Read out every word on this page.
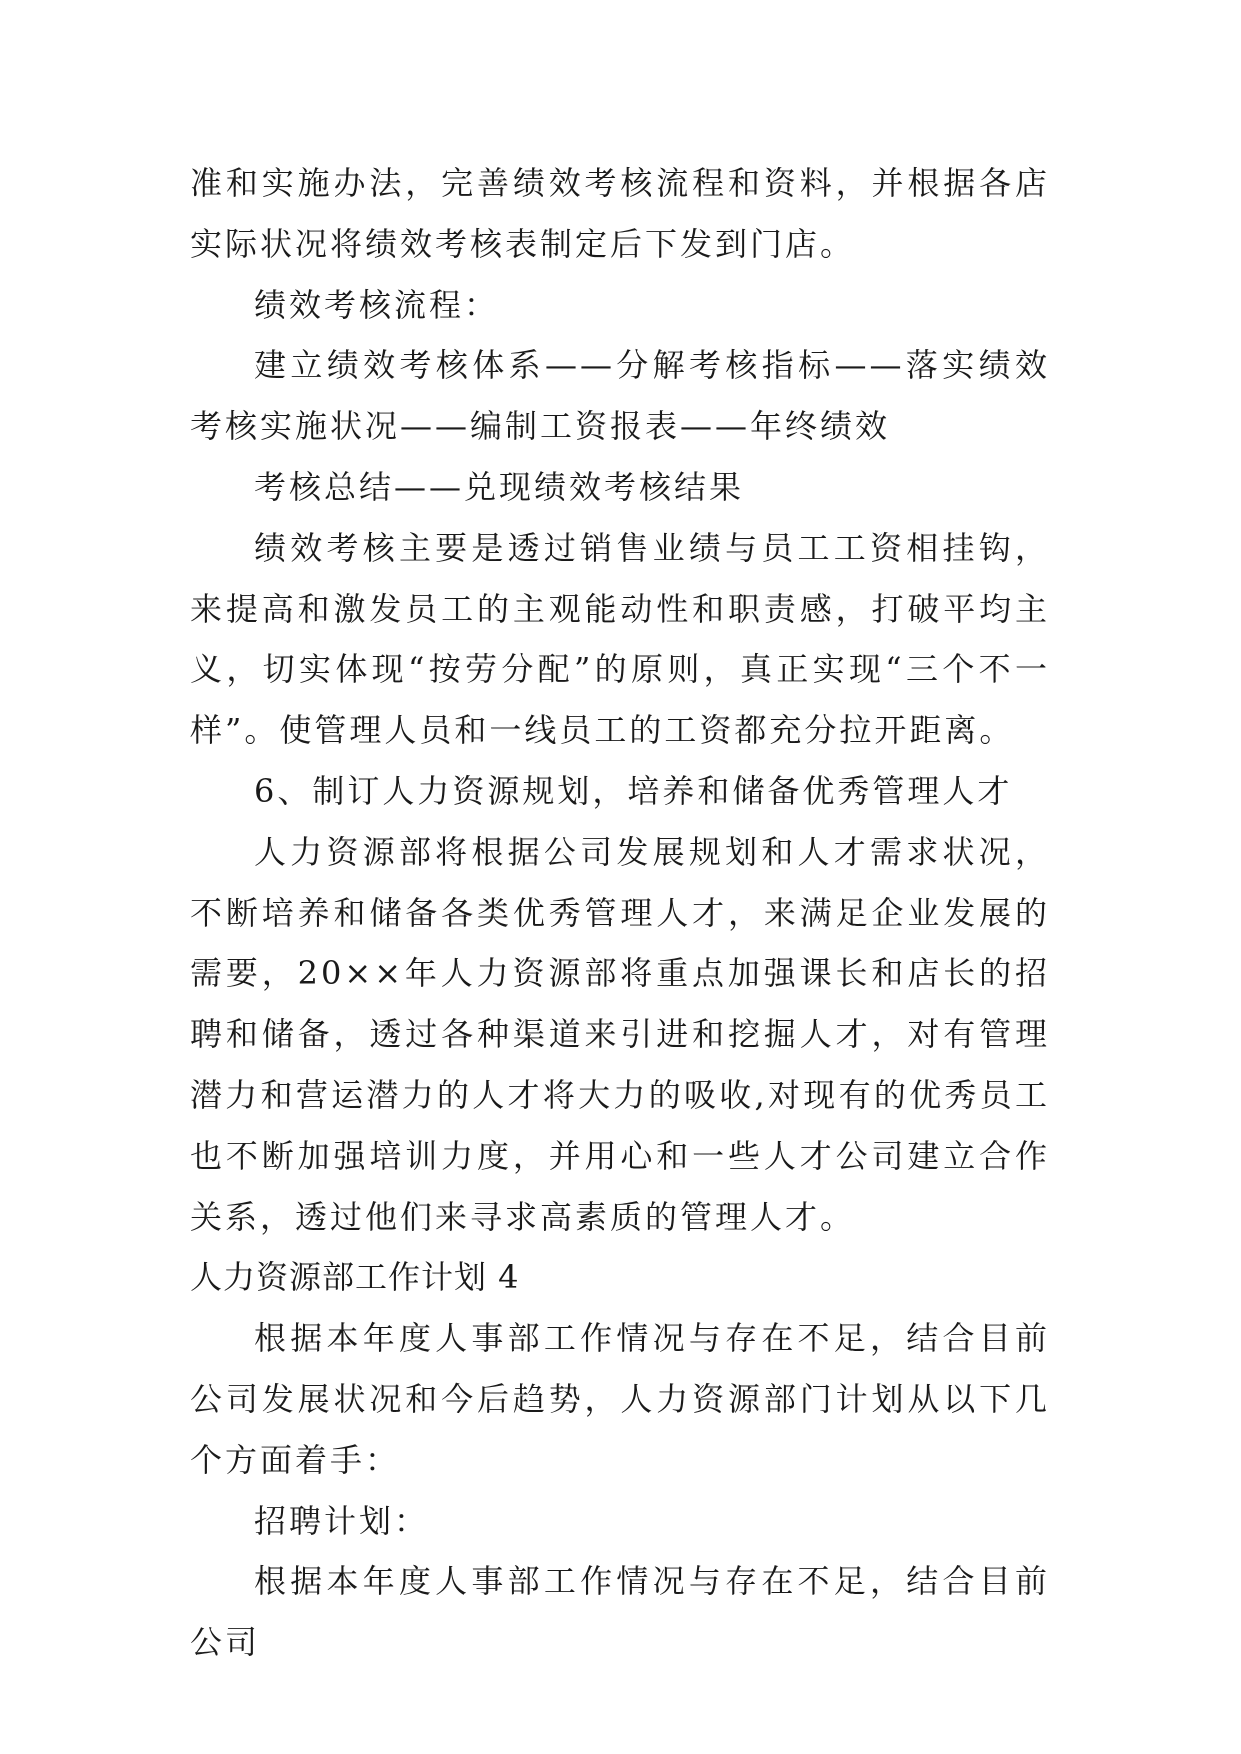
准和实施办法，完善绩效考核流程和资料，并根据各店实际状况将绩效考核表制定后下发到门店。

绩效考核流程：

建立绩效考核体系——分解考核指标——落实绩效考核实施状况——编制工资报表——年终绩效

考核总结——兑现绩效考核结果

绩效考核主要是透过销售业绩与员工工资相挂钩，来提高和激发员工的主观能动性和职责感，打破平均主义，切实体现“按劳分配”的原则，真正实现“三个不一样”。使管理人员和一线员工的工资都充分拉开距离。

6、制订人力资源规划，培养和储备优秀管理人才

人力资源部将根据公司发展规划和人才需求状况，不断培养和储备各类优秀管理人才，来满足企业发展的需要，20××年人力资源部将重点加强课长和店长的招聘和储备，透过各种渠道来引进和挖掘人才，对有管理潜力和营运潜力的人才将大力的吸收,对现有的优秀员工也不断加强培训力度，并用心和一些人才公司建立合作关系，透过他们来寻求高素质的管理人才。

人力资源部工作计划 4

根据本年度人事部工作情况与存在不足，结合目前公司发展状况和今后趋势，人力资源部门计划从以下几个方面着手：

招聘计划：

根据本年度人事部工作情况与存在不足，结合目前公司
